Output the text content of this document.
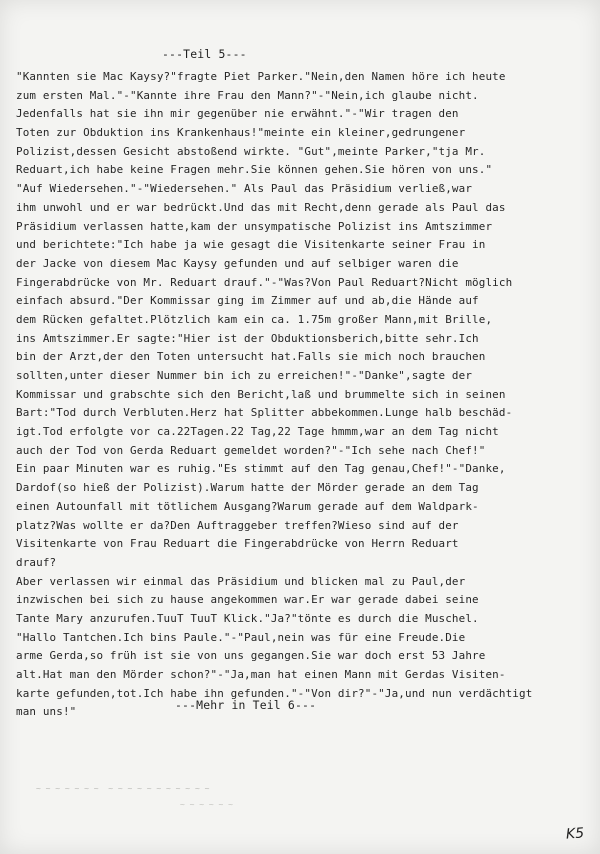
---Teil 5---
"Kannten sie Mac Kaysy?"fragte Piet Parker."Nein,den Namen höre ich heute
zum ersten Mal."-"Kannte ihre Frau den Mann?"-"Nein,ich glaube nicht.
Jedenfalls hat sie ihn mir gegenüber nie erwähnt."-"Wir tragen den
Toten zur Obduktion ins Krankenhaus!"meinte ein kleiner,gedrungener
Polizist,dessen Gesicht abstoßend wirkte. "Gut",meinte Parker,"tja Mr.
Reduart,ich habe keine Fragen mehr.Sie können gehen.Sie hören von uns."
"Auf Wiedersehen."-"Wiedersehen." Als Paul das Präsidium verließ,war
ihm unwohl und er war bedrückt.Und das mit Recht,denn gerade als Paul das
Präsidium verlassen hatte,kam der unsympatische Polizist ins Amtszimmer
und berichtete:"Ich habe ja wie gesagt die Visitenkarte seiner Frau in
der Jacke von diesem Mac Kaysy gefunden und auf selbiger waren die
Fingerabdrücke von Mr. Reduart drauf."-"Was?Von Paul Reduart?Nicht möglich
einfach absurd."Der Kommissar ging im Zimmer auf und ab,die Hände auf
dem Rücken gefaltet.Plötzlich kam ein ca. 1.75m großer Mann,mit Brille,
ins Amtszimmer.Er sagte:"Hier ist der Obduktionsberich,bitte sehr.Ich
bin der Arzt,der den Toten untersucht hat.Falls sie mich noch brauchen
sollten,unter dieser Nummer bin ich zu erreichen!"-"Danke",sagte der
Kommissar und grabschte sich den Bericht,laß und brummelte sich in seinen
Bart:"Tod durch Verbluten.Herz hat Splitter abbekommen.Lunge halb beschäd-
igt.Tod erfolgte vor ca.22Tagen.22 Tag,22 Tage hmmm,war an dem Tag nicht
auch der Tod von Gerda Reduart gemeldet worden?"-"Ich sehe nach Chef!"
Ein paar Minuten war es ruhig."Es stimmt auf den Tag genau,Chef!"-"Danke,
Dardof(so hieß der Polizist).Warum hatte der Mörder gerade an dem Tag
einen Autounfall mit tötlichem Ausgang?Warum gerade auf dem Waldpark-
platz?Was wollte er da?Den Auftraggeber treffen?Wieso sind auf der
Visitenkarte von Frau Reduart die Fingerabdrücke von Herrn Reduart
drauf?
Aber verlassen wir einmal das Präsidium und blicken mal zu Paul,der
inzwischen bei sich zu hause angekommen war.Er war gerade dabei seine
Tante Mary anzurufen.TuuT TuuT Klick."Ja?"tönte es durch die Muschel.
"Hallo Tantchen.Ich bins Paule."-"Paul,nein was für eine Freude.Die
arme Gerda,so früh ist sie von uns gegangen.Sie war doch erst 53 Jahre
alt.Hat man den Mörder schon?"-"Ja,man hat einen Mann mit Gerdas Visiten-
karte gefunden,tot.Ich habe ihn gefunden."-"Von dir?"-"Ja,und nun verdächtigt
man uns!"	---Mehr in Teil 6---
~ ~ ~ ~ ~ ~ ~  ~ ~ ~ ~ ~ ~ ~ ~ ~ ~ ~
~ ~ ~ ~ ~ ~
K5
